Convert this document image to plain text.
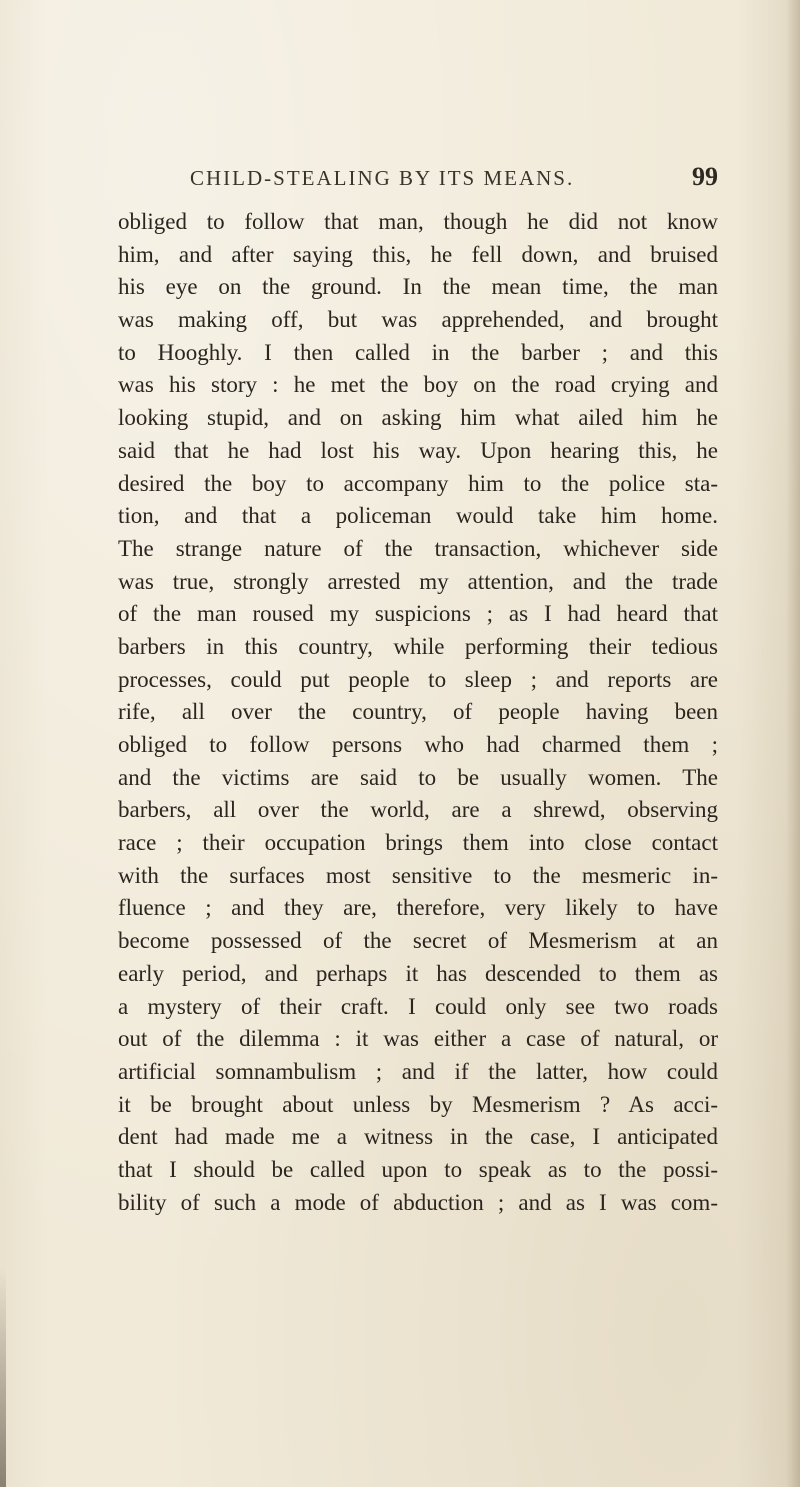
CHILD-STEALING BY ITS MEANS.	99
obliged to follow that man, though he did not know
him, and after saying this, he fell down, and bruised
his eye on the ground. In the mean time, the man
was making off, but was apprehended, and brought
to Hooghly. I then called in the barber ; and this
was his story : he met the boy on the road crying and
looking stupid, and on asking him what ailed him he
said that he had lost his way. Upon hearing this, he
desired the boy to accompany him to the police sta-
tion, and that a policeman would take him home.
The strange nature of the transaction, whichever side
was true, strongly arrested my attention, and the trade
of the man roused my suspicions ; as I had heard that
barbers in this country, while performing their tedious
processes, could put people to sleep ; and reports are
rife, all over the country, of people having been
obliged to follow persons who had charmed them ;
and the victims are said to be usually women. The
barbers, all over the world, are a shrewd, observing
race ; their occupation brings them into close contact
with the surfaces most sensitive to the mesmeric in-
fluence ; and they are, therefore, very likely to have
become possessed of the secret of Mesmerism at an
early period, and perhaps it has descended to them as
a mystery of their craft. I could only see two roads
out of the dilemma : it was either a case of natural, or
artificial somnambulism ; and if the latter, how could
it be brought about unless by Mesmerism ? As acci-
dent had made me a witness in the case, I anticipated
that I should be called upon to speak as to the possi-
bility of such a mode of abduction ; and as I was com-
